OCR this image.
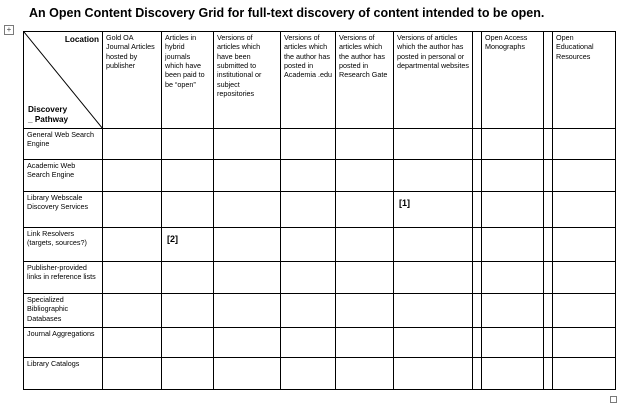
An Open Content Discovery Grid for full-text discovery of content intended to be open.
+
Location
Discovery
_ Pathway	Gold OA Journal Articles hosted by publisher	Articles in hybrid journals which have been paid to be “open”	Versions of articles which have been submitted to institutional or subject repositories	Versions of articles which the author has posted in Academia .edu	Versions of articles which the author has posted in Research Gate	Versions of articles which the author has posted in personal or departmental websites		Open Access Monographs		Open Educational Resources
General Web Search Engine										
Academic Web Search Engine										
Library Webscale Discovery Services						[1]				

Link Resolvers (targets, sources?)		[2]								

Publisher-provided links in reference lists										
Specialized Bibliographic Databases										
Journal Aggregations										
Library Catalogs										
